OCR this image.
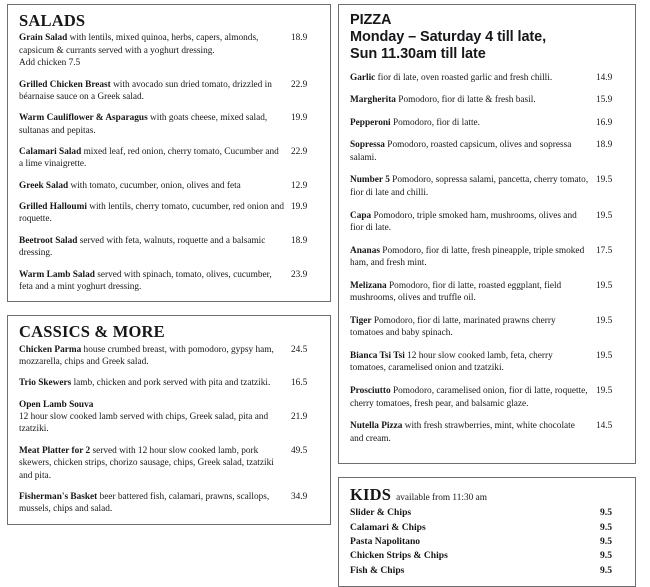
SALADS
Grain Salad with lentils, mixed quinoa, herbs, capers, almonds, capsicum & currants served with a yoghurt dressing.
Add chicken 7.5
18.9
Grilled Chicken Breast with avocado sun dried tomato, drizzled in béarnaise sauce on a Greek salad.
22.9
Warm Cauliflower & Asparagus with goats cheese, mixed salad, sultanas and pepitas.
19.9
Calamari Salad mixed leaf, red onion, cherry tomato, Cucumber and a lime vinaigrette.
22.9
Greek Salad with tomato, cucumber, onion, olives and feta	12.9
Grilled Halloumi with lentils, cherry tomato, cucumber, red onion and roquette.
19.9
Beetroot Salad served with feta, walnuts, roquette and a balsamic dressing.
18.9
Warm Lamb Salad served with spinach, tomato, olives, cucumber, feta and a mint yoghurt dressing.
23.9
CASSICS & MORE
Chicken Parma house crumbed breast, with pomodoro, gypsy ham, mozzarella, chips and Greek salad.
24.5
Trio Skewers lamb, chicken and pork served with pita and tzatziki.	16.5
Open Lamb Souva
12 hour slow cooked lamb served with chips, Greek salad, pita and tzatziki.
21.9
Meat Platter for 2 served with 12 hour slow cooked lamb, pork skewers, chicken strips, chorizo sausage, chips, Greek salad, tzatziki and pita.
49.5
Fisherman's Basket beer battered fish, calamari, prawns, scallops, mussels, chips and salad.
34.9
PIZZA
Monday – Saturday 4 till late,
Sun 11.30am till late
Garlic fior di late, oven roasted garlic and fresh chilli.	14.9
Margherita Pomodoro, fior di latte & fresh basil.	15.9
Pepperoni Pomodoro, fior di latte.	16.9
Sopressa Pomodoro, roasted capsicum, olives and sopressa salami.
18.9
Number 5 Pomodoro, sopressa salami, pancetta, cherry tomato, fior di late and chilli.
19.5
Capa Pomodoro, triple smoked ham, mushrooms, olives and fior di late.
19.5
Ananas Pomodoro, fior di latte, fresh pineapple, triple smoked ham, and fresh mint.
17.5
Melizana Pomodoro, fior di latte, roasted eggplant, field mushrooms, olives and truffle oil.
19.5
Tiger Pomodoro, fior di latte, marinated prawns cherry tomatoes and baby spinach.
19.5
Bianca Tsi Tsi 12 hour slow cooked lamb, feta, cherry tomatoes, caramelised onion and tzatziki.
19.5
Prosciutto Pomodoro, caramelised onion, fior di latte, roquette, cherry tomatoes, fresh pear, and balsamic glaze.
19.5
Nutella Pizza with fresh strawberries, mint, white chocolate and cream.
14.5
KIDS available from 11:30 am
Slider & Chips	9.5
Calamari & Chips	9.5
Pasta Napolitano	9.5
Chicken Strips & Chips	9.5
Fish & Chips	9.5
